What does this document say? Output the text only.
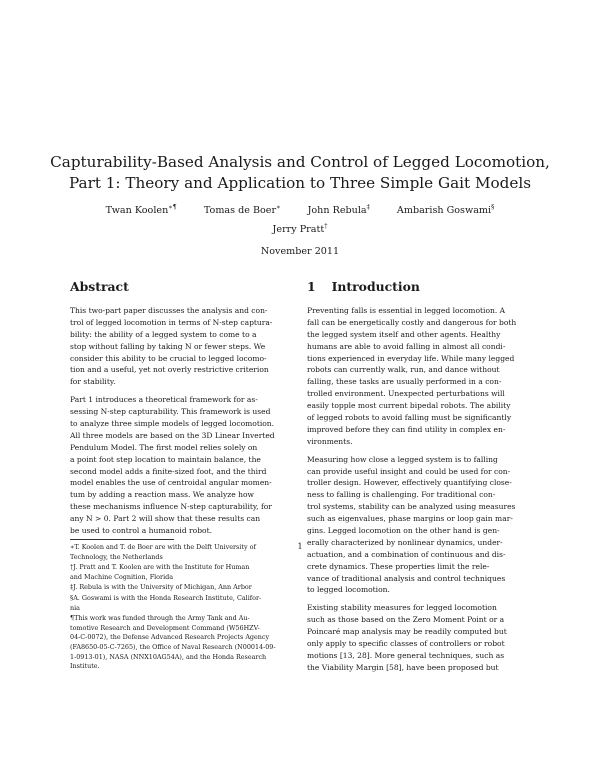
Capturability-Based Analysis and Control of Legged Locomotion,
Part 1: Theory and Application to Three Simple Gait Models
Twan Koolen∗¶	Tomas de Boer∗	John Rebula‡	Ambarish Goswami§
Jerry Pratt†
November 2011
Abstract	1 Introduction
This two-part paper discusses the analysis and con-
trol of legged locomotion in terms of N-step captura-
bility: the ability of a legged system to come to a
stop without falling by taking N or fewer steps. We
consider this ability to be crucial to legged locomo-
tion and a useful, yet not overly restrictive criterion
for stability.
Part 1 introduces a theoretical framework for as-
sessing N-step capturability. This framework is used
to analyze three simple models of legged locomotion.
All three models are based on the 3D Linear Inverted
Pendulum Model. The first model relies solely on
a point foot step location to maintain balance, the
second model adds a finite-sized foot, and the third
model enables the use of centroidal angular momen-
tum by adding a reaction mass. We analyze how
these mechanisms influence N-step capturability, for
any N > 0. Part 2 will show that these results can
be used to control a humanoid robot.
∗T. Koolen and T. de Boer are with the Delft University of
Technology, the Netherlands
†J. Pratt and T. Koolen are with the Institute for Human
and Machine Cognition, Florida
‡J. Rebula is with the University of Michigan, Ann Arbor
§A. Goswami is with the Honda Research Institute, Califor-
nia
¶This work was funded through the Army Tank and Au-
tomotive Research and Development Command (W56HZV-
04-C-0072), the Defense Advanced Research Projects Agency
(FA8650-05-C-7265), the Office of Naval Research (N00014-09-
1-0913-01), NASA (NNX10AG54A), and the Honda Research
Institute.
Preventing falls is essential in legged locomotion. A
fall can be energetically costly and dangerous for both
the legged system itself and other agents. Healthy
humans are able to avoid falling in almost all condi-
tions experienced in everyday life. While many legged
robots can currently walk, run, and dance without
falling, these tasks are usually performed in a con-
trolled environment. Unexpected perturbations will
easily topple most current bipedal robots. The ability
of legged robots to avoid falling must be significantly
improved before they can find utility in complex en-
vironments.
Measuring how close a legged system is to falling
can provide useful insight and could be used for con-
troller design. However, effectively quantifying close-
ness to falling is challenging. For traditional con-
trol systems, stability can be analyzed using measures
such as eigenvalues, phase margins or loop gain mar-
gins. Legged locomotion on the other hand is gen-
erally characterized by nonlinear dynamics, under-
actuation, and a combination of continuous and dis-
crete dynamics. These properties limit the rele-
vance of traditional analysis and control techniques
to legged locomotion.
Existing stability measures for legged locomotion
such as those based on the Zero Moment Point or a
Poincaré map analysis may be readily computed but
only apply to specific classes of controllers or robot
motions [13, 28]. More general techniques, such as
the Viability Margin [58], have been proposed but
1
